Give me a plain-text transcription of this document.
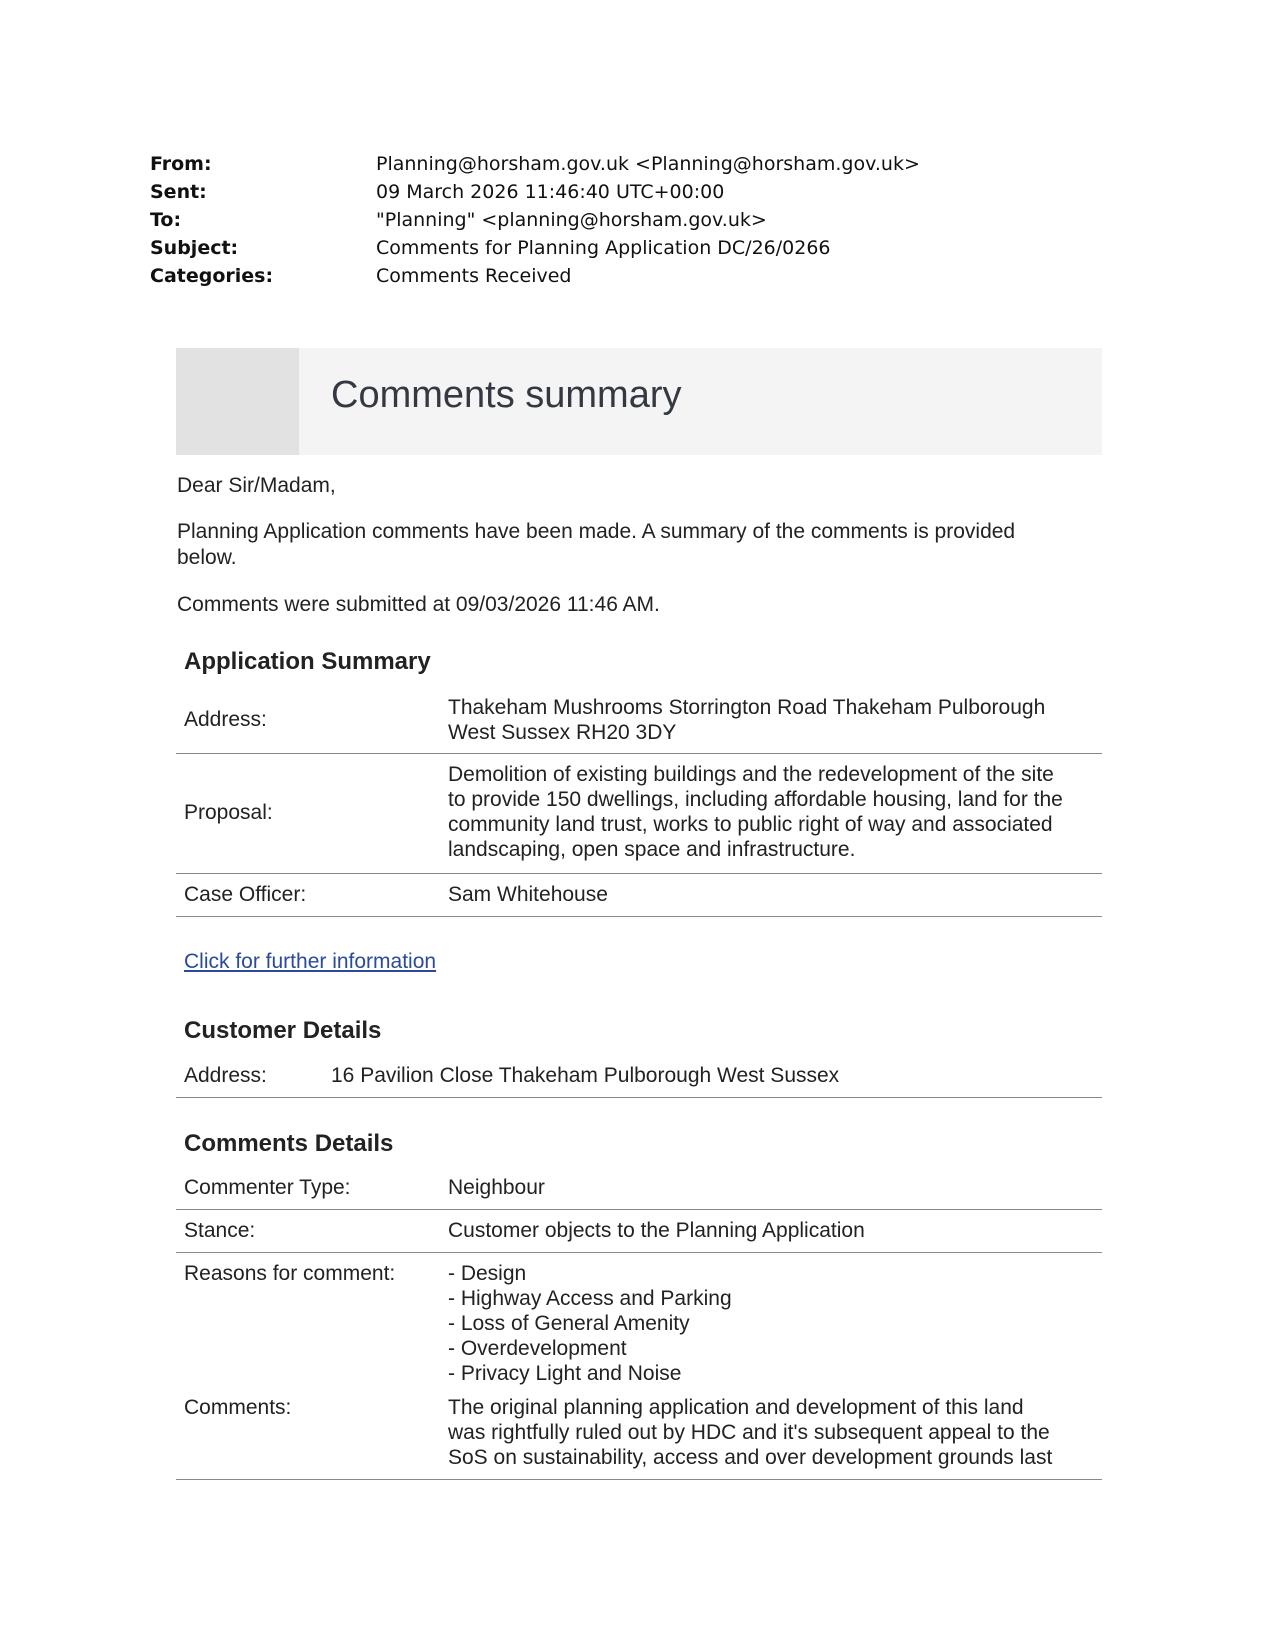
From:	Planning@horsham.gov.uk <Planning@horsham.gov.uk>
Sent:	09 March 2026 11:46:40 UTC+00:00
To:	"Planning" <planning@horsham.gov.uk>
Subject:	Comments for Planning Application DC/26/0266
Categories:	Comments Received
Comments summary
Dear Sir/Madam,
Planning Application comments have been made. A summary of the comments is provided
below.
Comments were submitted at 09/03/2026 11:46 AM.
Application Summary
Address:
Thakeham Mushrooms Storrington Road Thakeham Pulborough
West Sussex RH20 3DY
Proposal:
Demolition of existing buildings and the redevelopment of the site
to provide 150 dwellings, including affordable housing, land for the
community land trust, works to public right of way and associated
landscaping, open space and infrastructure.
Case Officer:	Sam Whitehouse
Click for further information
Customer Details
Address:	16 Pavilion Close Thakeham Pulborough West Sussex
Comments Details
Commenter Type:	Neighbour
Stance:	Customer objects to the Planning Application
Reasons for comment:	- Design
- Highway Access and Parking
- Loss of General Amenity
- Overdevelopment
- Privacy Light and Noise
Comments:	The original planning application and development of this land
was rightfully ruled out by HDC and it's subsequent appeal to the
SoS on sustainability, access and over development grounds last
